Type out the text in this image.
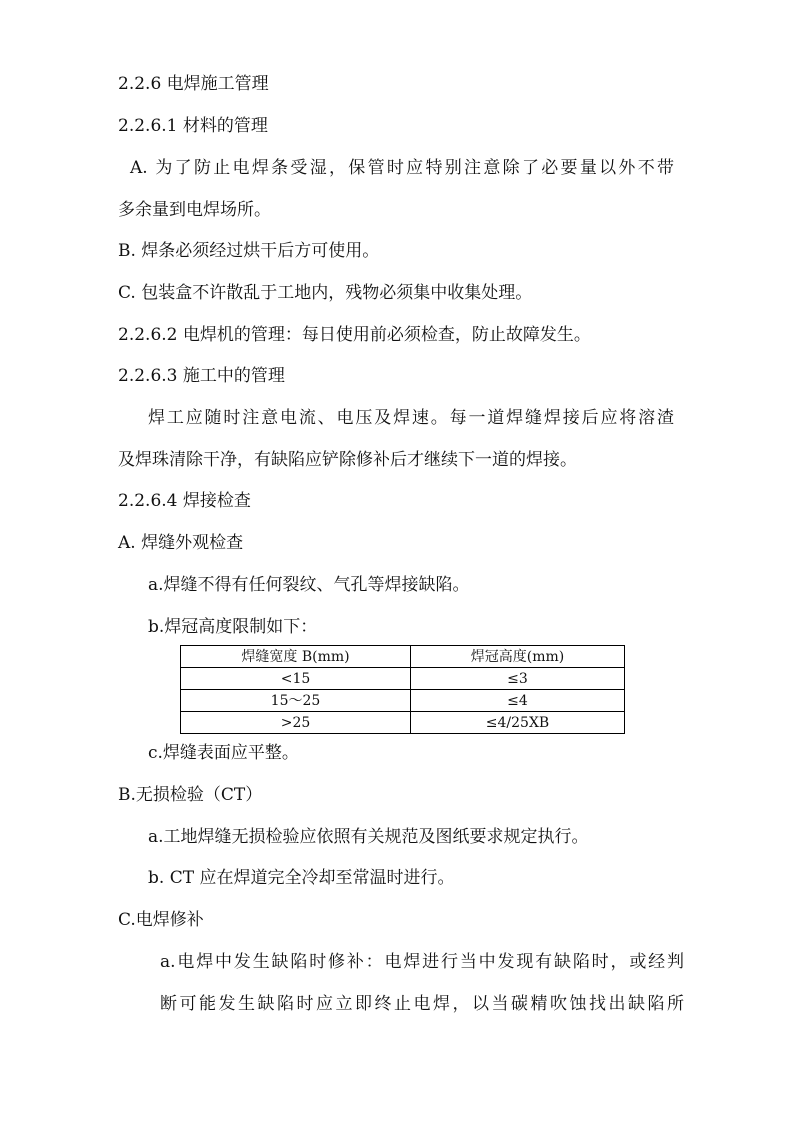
2.2.6 电焊施工管理
2.2.6.1 材料的管理
A. 为了防止电焊条受湿，保管时应特别注意除了必要量以外不带
多余量到电焊场所。
B. 焊条必须经过烘干后方可使用。
C. 包装盒不许散乱于工地内，残物必须集中收集处理。
2.2.6.2 电焊机的管理：每日使用前必须检查，防止故障发生。
2.2.6.3 施工中的管理
焊工应随时注意电流、电压及焊速。每一道焊缝焊接后应将溶渣
及焊珠清除干净，有缺陷应铲除修补后才继续下一道的焊接。
2.2.6.4 焊接检查
A. 焊缝外观检查
a.焊缝不得有任何裂纹、气孔等焊接缺陷。
b.焊冠高度限制如下：
焊缝宽度 B(mm)	焊冠高度(mm)
<15	≤3
15～25	≤4
>25	≤4/25XB
c.焊缝表面应平整。
B.无损检验（CT）
a.工地焊缝无损检验应依照有关规范及图纸要求规定执行。
b. CT 应在焊道完全冷却至常温时进行。
C.电焊修补
a.电焊中发生缺陷时修补：电焊进行当中发现有缺陷时，或经判
断可能发生缺陷时应立即终止电焊，以当碳精吹蚀找出缺陷所
